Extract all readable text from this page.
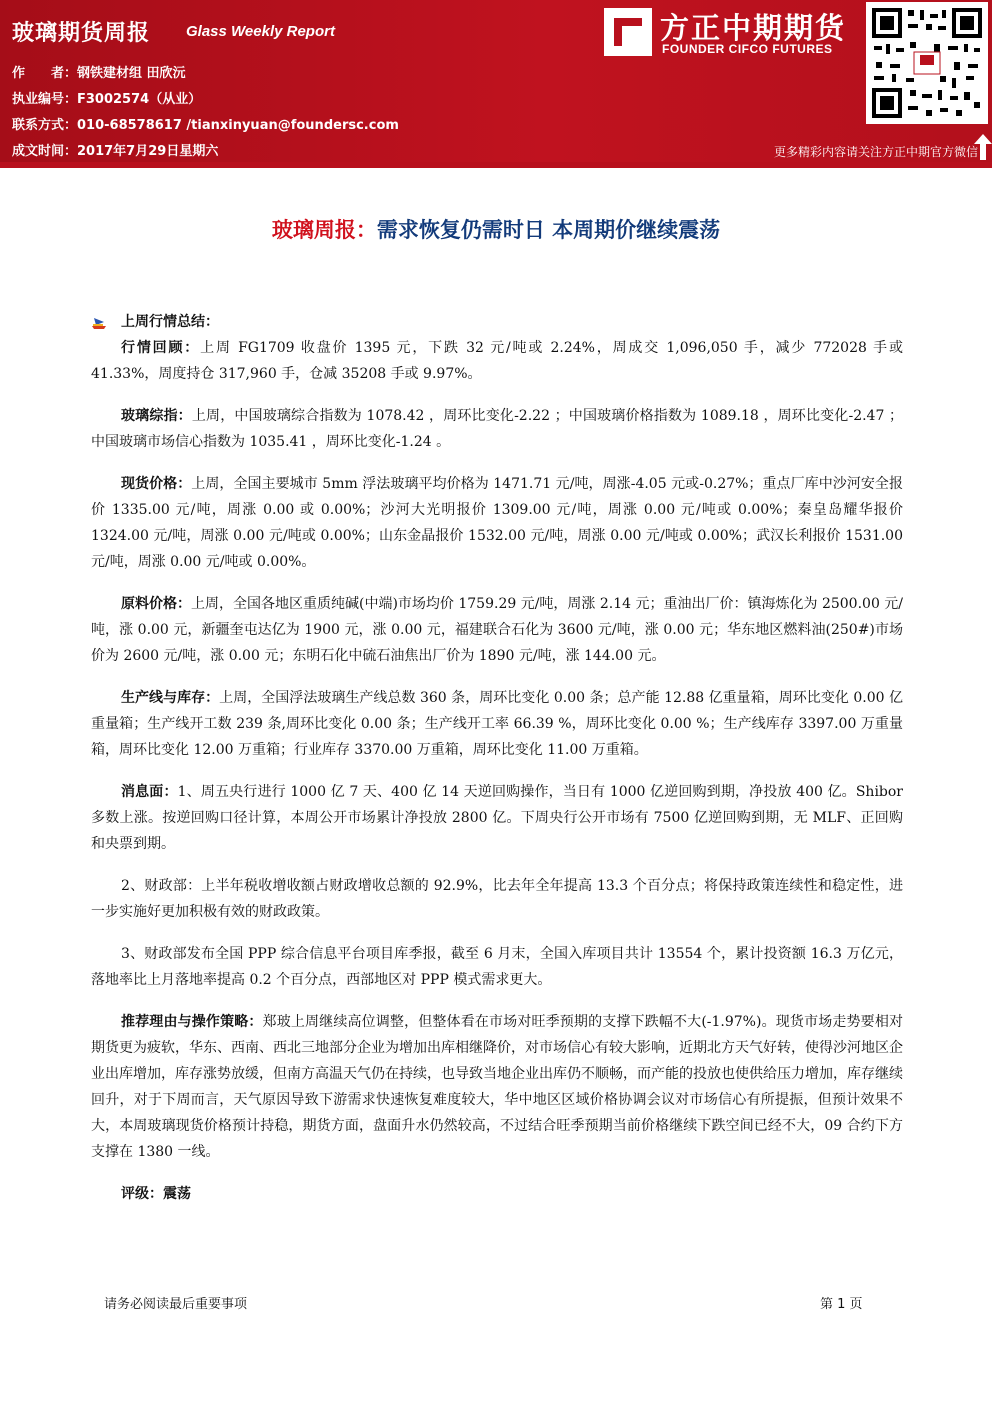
玻璃期货周报 Glass Weekly Report
作　　者：钢铁建材组 田欣沅
执业编号：F3002574（从业）
联系方式：010-68578617 /tianxinyuan@foundersc.com
成文时间：2017年7月29日星期六
方正中期期货
FOUNDER CIFCO FUTURES
更多精彩内容请关注方正中期官方微信
玻璃周报：需求恢复仍需时日 本周期价继续震荡

上周行情总结：

行情回顾：上周 FG1709 收盘价 1395 元，下跌 32 元/吨或 2.24%，周成交 1,096,050 手，减少 772028 手或 41.33%，周度持仓 317,960 手，仓减 35208 手或 9.97%。

玻璃综指：上周，中国玻璃综合指数为 1078.42 ，周环比变化-2.22 ；中国玻璃价格指数为 1089.18 ，周环比变化-2.47 ；中国玻璃市场信心指数为 1035.41 ，周环比变化-1.24 。

现货价格：上周，全国主要城市 5mm 浮法玻璃平均价格为 1471.71 元/吨，周涨-4.05 元或-0.27%；重点厂库中沙河安全报价 1335.00 元/吨，周涨 0.00 或 0.00%；沙河大光明报价 1309.00 元/吨，周涨 0.00 元/吨或 0.00%；秦皇岛耀华报价 1324.00 元/吨，周涨 0.00 元/吨或 0.00%；山东金晶报价 1532.00 元/吨，周涨 0.00 元/吨或 0.00%；武汉长利报价 1531.00 元/吨，周涨 0.00 元/吨或 0.00%。

原料价格：上周，全国各地区重质纯碱(中端)市场均价 1759.29 元/吨，周涨 2.14 元；重油出厂价：镇海炼化为 2500.00 元/吨，涨 0.00 元，新疆奎屯达亿为 1900 元，涨 0.00 元，福建联合石化为 3600 元/吨，涨 0.00 元；华东地区燃料油(250#)市场价为 2600 元/吨，涨 0.00 元；东明石化中硫石油焦出厂价为 1890 元/吨，涨 144.00 元。

生产线与库存：上周，全国浮法玻璃生产线总数 360 条，周环比变化 0.00 条；总产能 12.88 亿重量箱，周环比变化 0.00 亿重量箱；生产线开工数 239 条,周环比变化 0.00 条；生产线开工率 66.39 %，周环比变化 0.00 %；生产线库存 3397.00 万重量箱，周环比变化 12.00 万重箱；行业库存 3370.00 万重箱，周环比变化 11.00 万重箱。

消息面：1、周五央行进行 1000 亿 7 天、400 亿 14 天逆回购操作，当日有 1000 亿逆回购到期，净投放 400 亿。Shibor 多数上涨。按逆回购口径计算，本周公开市场累计净投放 2800 亿。下周央行公开市场有 7500 亿逆回购到期，无 MLF、正回购和央票到期。

2、财政部：上半年税收增收额占财政增收总额的 92.9%，比去年全年提高 13.3 个百分点；将保持政策连续性和稳定性，进一步实施好更加积极有效的财政政策。

3、财政部发布全国 PPP 综合信息平台项目库季报，截至 6 月末，全国入库项目共计 13554 个，累计投资额 16.3 万亿元，落地率比上月落地率提高 0.2 个百分点，西部地区对 PPP 模式需求更大。

推荐理由与操作策略：郑玻上周继续高位调整，但整体看在市场对旺季预期的支撑下跌幅不大(-1.97%)。现货市场走势要相对期货更为疲软，华东、西南、西北三地部分企业为增加出库相继降价，对市场信心有较大影响，近期北方天气好转，使得沙河地区企业出库增加，库存涨势放缓，但南方高温天气仍在持续，也导致当地企业出库仍不顺畅，而产能的投放也使供给压力增加，库存继续回升，对于下周而言，天气原因导致下游需求快速恢复难度较大，华中地区区域价格协调会议对市场信心有所提振，但预计效果不大，本周玻璃现货价格预计持稳，期货方面，盘面升水仍然较高，不过结合旺季预期当前价格继续下跌空间已经不大，09 合约下方支撑在 1380 一线。

评级：震荡

请务必阅读最后重要事项	第 1 页
